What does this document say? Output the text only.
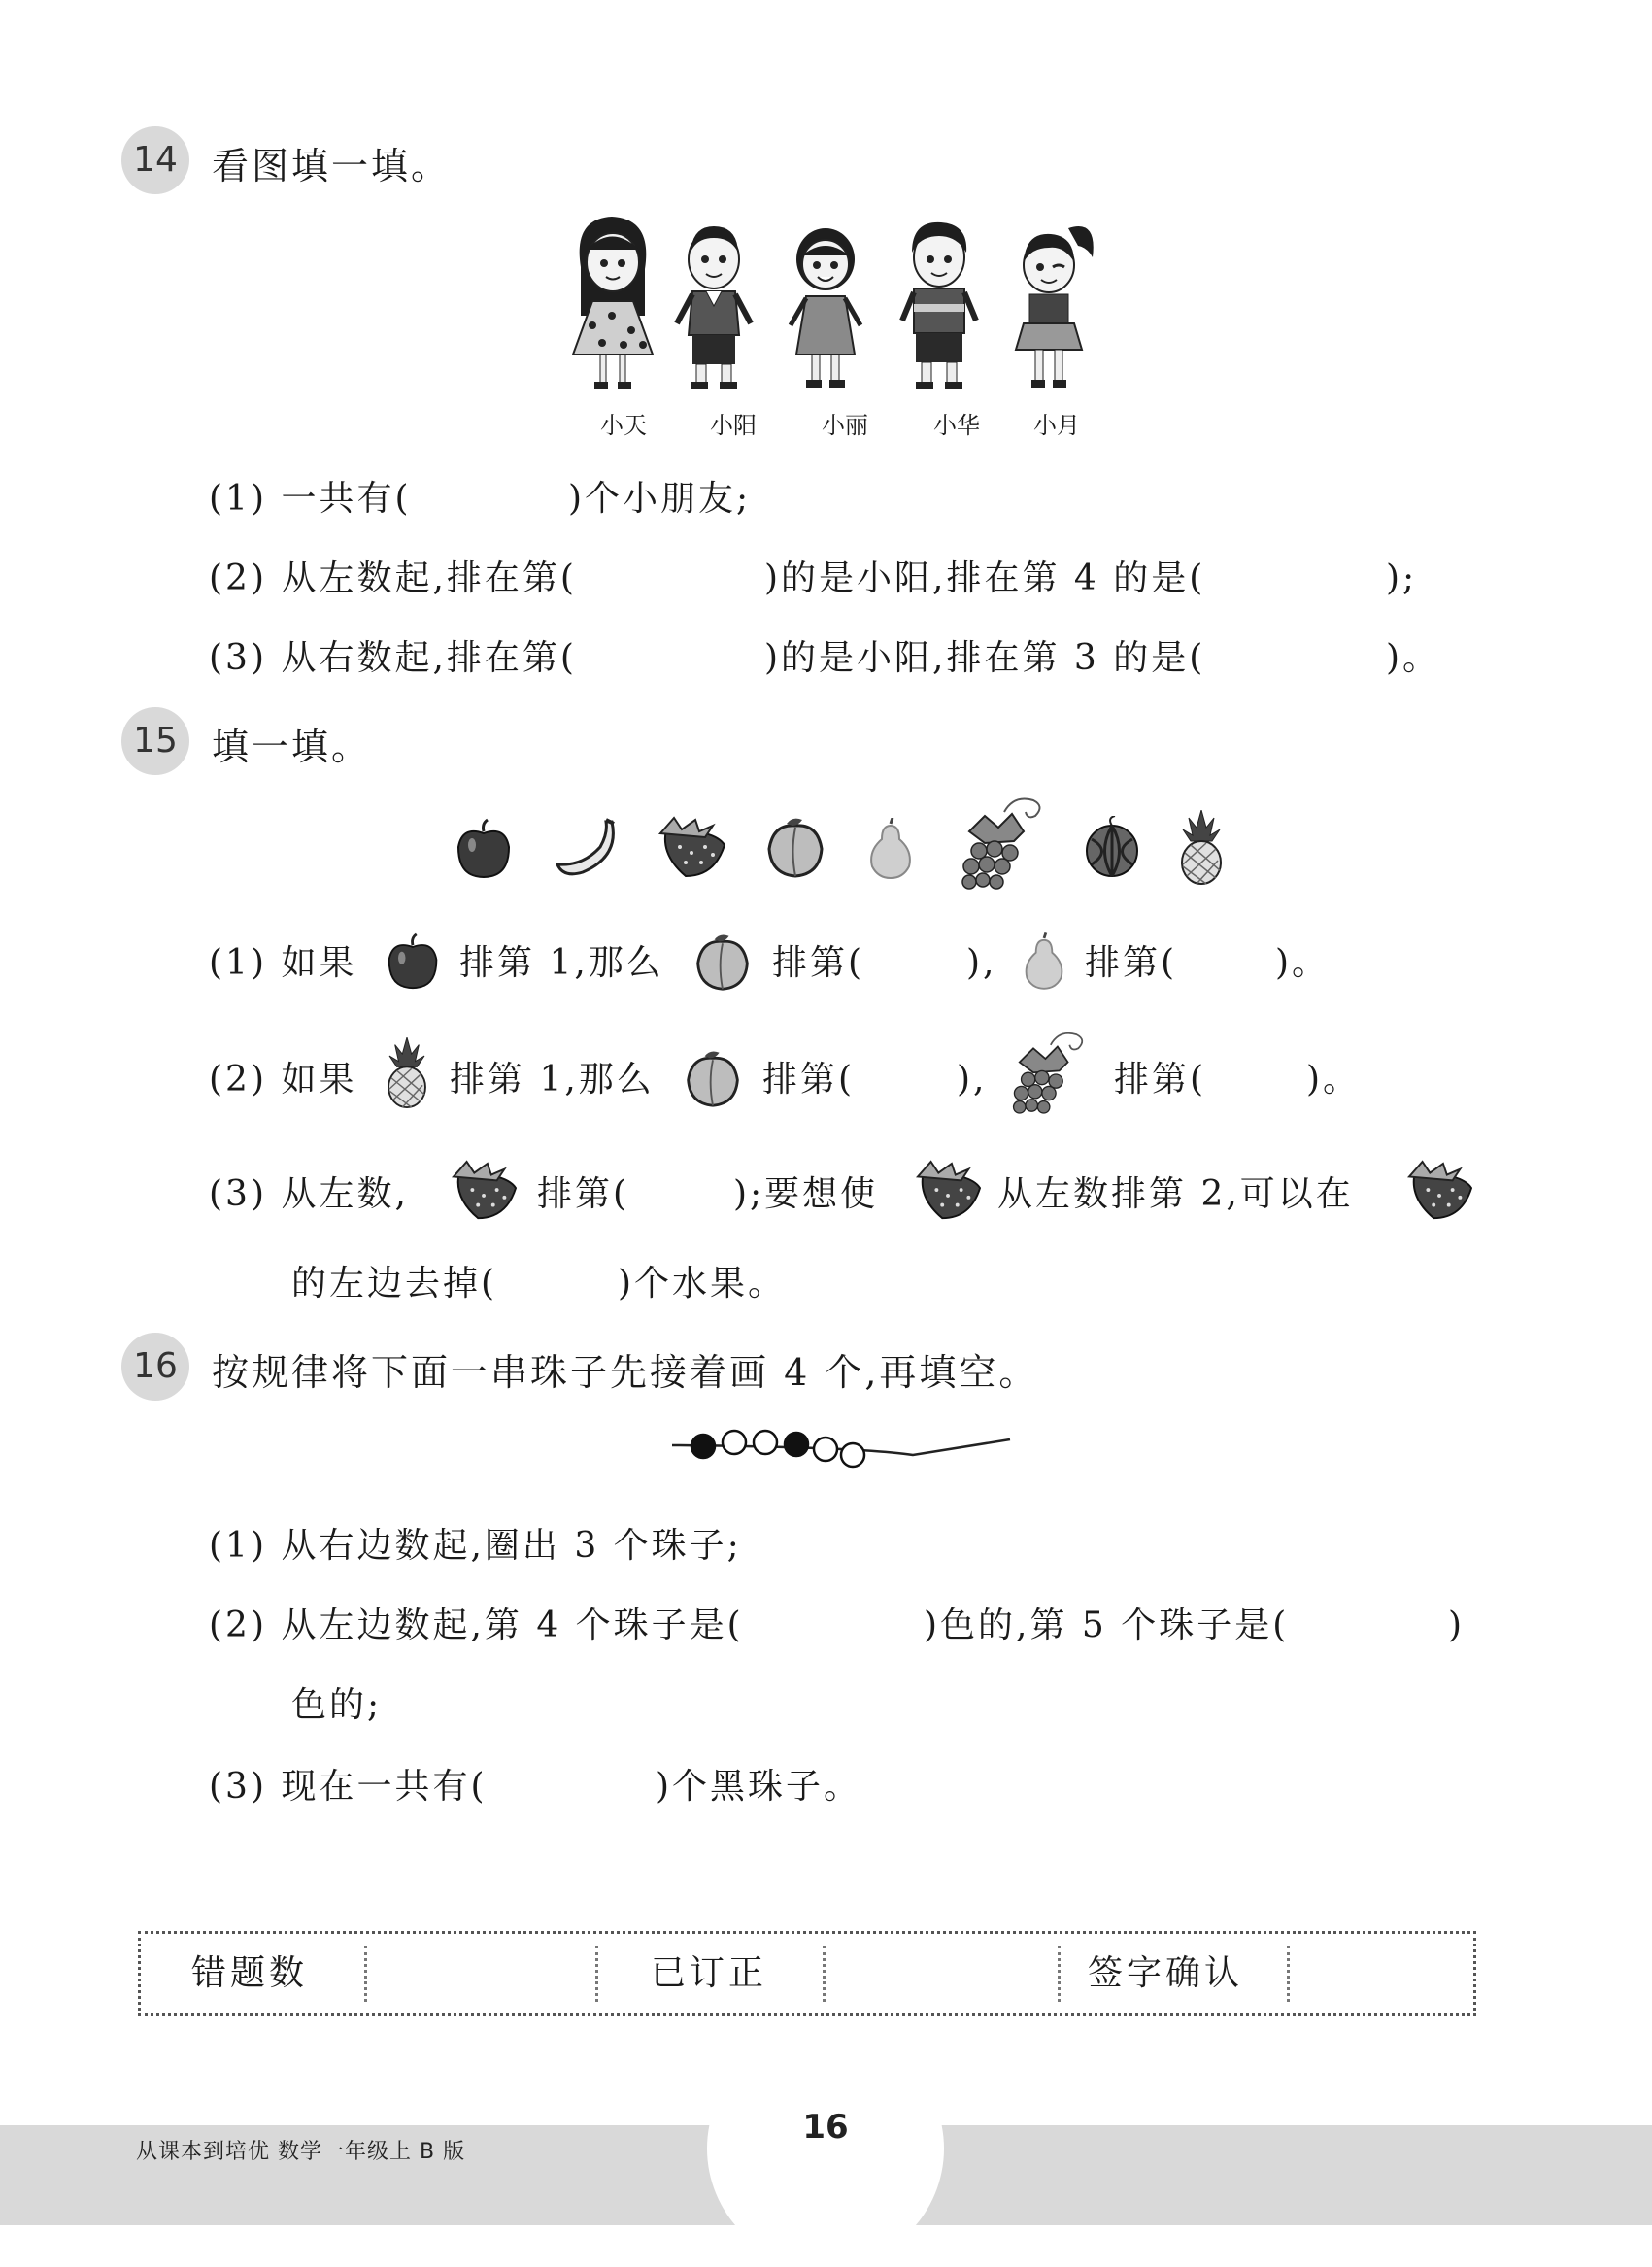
14 看图填一填。
小天	小阳	小丽	小华	小月
(1) 一共有(	)个小朋友;
(2) 从左数起,排在第(	)的是小阳,排在第 4 的是(	);
(3) 从右数起,排在第(	)的是小阳,排在第 3 的是(	)。
15 填一填。
(1) 如果	排第 1,那么	排第(	),	排第(	)。
(2) 如果	排第 1,那么	排第(	),	排第(	)。
(3) 从左数,	排第(	);要想使	从左数排第 2,可以在
的左边去掉(	)个水果。
16 按规律将下面一串珠子先接着画 4 个,再填空。
(1) 从右边数起,圈出 3 个珠子;
(2) 从左边数起,第 4 个珠子是(	)色的,第 5 个珠子是(	)
色的;
(3) 现在一共有(	)个黑珠子。
错题数	已订正	签字确认
从课本到培优 数学一年级上 B 版
16
